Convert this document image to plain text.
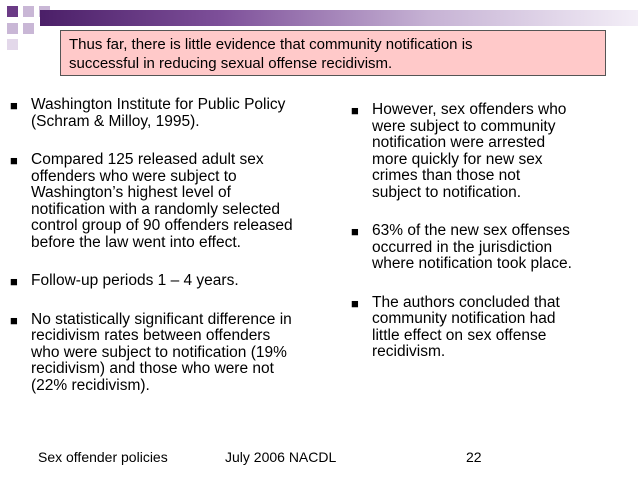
Thus far, there is little evidence that community notification is
successful in reducing sexual offense recidivism.
■ Washington Institute for Public Policy
(Schram & Milloy, 1995).
■ Compared 125 released adult sex
offenders who were subject to
Washington’s highest level of
notification with a randomly selected
control group of 90 offenders released
before the law went into effect.
■ Follow-up periods 1 – 4 years.
■ No statistically significant difference in
recidivism rates between offenders
who were subject to notification (19%
recidivism) and those who were not
(22% recidivism).
■ However, sex offenders who
were subject to community
notification were arrested
more quickly for new sex
crimes than those not
subject to notification.
■ 63% of the new sex offenses
occurred in the jurisdiction
where notification took place.
■ The authors concluded that
community notification had
little effect on sex offense
recidivism.
Sex offender policies	July 2006 NACDL	22
